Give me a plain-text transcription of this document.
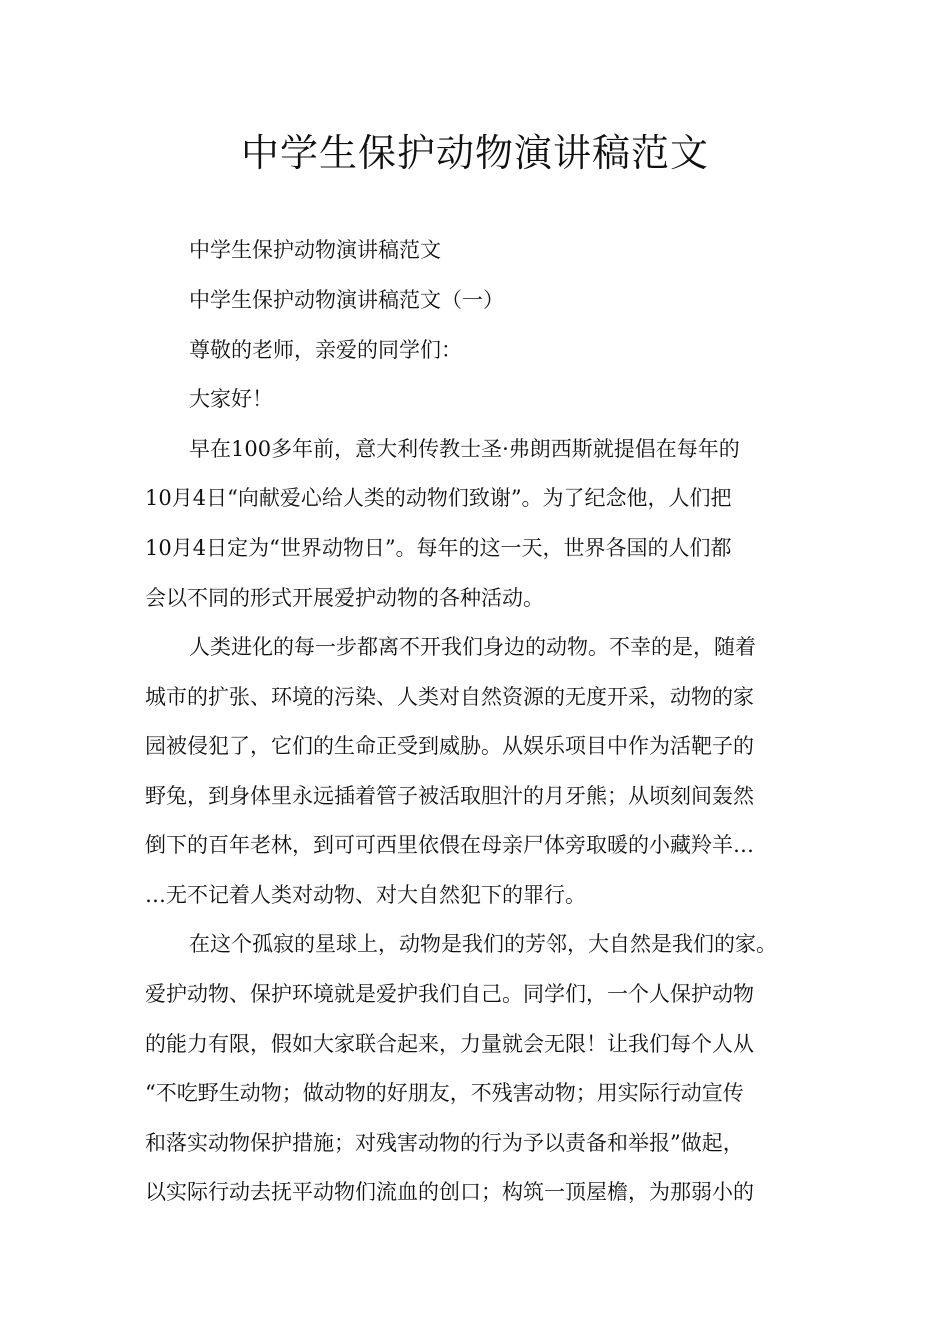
中学生保护动物演讲稿范文

中学生保护动物演讲稿范文

中学生保护动物演讲稿范文（一）

尊敬的老师，亲爱的同学们：

大家好！

早在100多年前，意大利传教士圣·弗朗西斯就提倡在每年的

10月4日“向献爱心给人类的动物们致谢”。为了纪念他，人们把

10月4日定为“世界动物日”。每年的这一天，世界各国的人们都

会以不同的形式开展爱护动物的各种活动。

人类进化的每一步都离不开我们身边的动物。不幸的是，随着

城市的扩张、环境的污染、人类对自然资源的无度开采，动物的家

园被侵犯了，它们的生命正受到威胁。从娱乐项目中作为活靶子的

野兔，到身体里永远插着管子被活取胆汁的月牙熊；从顷刻间轰然

倒下的百年老林，到可可西里依偎在母亲尸体旁取暖的小藏羚羊…

…无不记着人类对动物、对大自然犯下的罪行。

在这个孤寂的星球上，动物是我们的芳邻，大自然是我们的家。

爱护动物、保护环境就是爱护我们自己。同学们，一个人保护动物

的能力有限，假如大家联合起来，力量就会无限！让我们每个人从

“不吃野生动物；做动物的好朋友，不残害动物；用实际行动宣传

和落实动物保护措施；对残害动物的行为予以责备和举报”做起，

以实际行动去抚平动物们流血的创口；构筑一顶屋檐，为那弱小的
